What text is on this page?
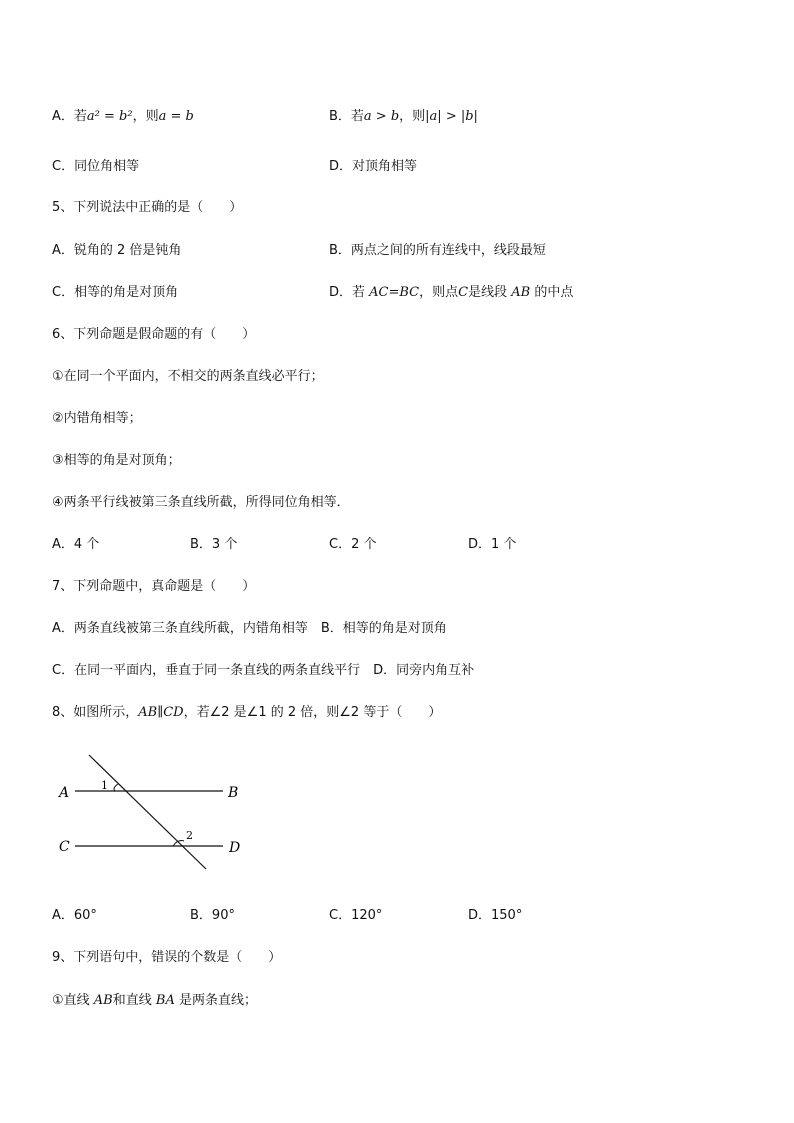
A．若a² = b²，则a = b	B．若a > b，则|a| > |b|
C．同位角相等	D．对顶角相等
5、下列说法中正确的是（　　）
A．锐角的 2 倍是钝角	B．两点之间的所有连线中，线段最短
C．相等的角是对顶角	D．若 AC=BC，则点C是线段 AB 的中点
6、下列命题是假命题的有（　　）
①在同一个平面内，不相交的两条直线必平行；
②内错角相等；
③相等的角是对顶角；
④两条平行线被第三条直线所截，所得同位角相等．
A．4 个	B．3 个	C．2 个	D．1 个
7、下列命题中，真命题是（　　）
A．两条直线被第三条直线所截，内错角相等　B．相等的角是对顶角
C．在同一平面内，垂直于同一条直线的两条直线平行　D．同旁内角互补
8、如图所示，AB∥CD，若∠2 是∠1 的 2 倍，则∠2 等于（　　）
A	B
C	D
1
2
A．60°	B．90°	C．120°	D．150°
9、下列语句中，错误的个数是（　　）
①直线 AB和直线 BA 是两条直线；
